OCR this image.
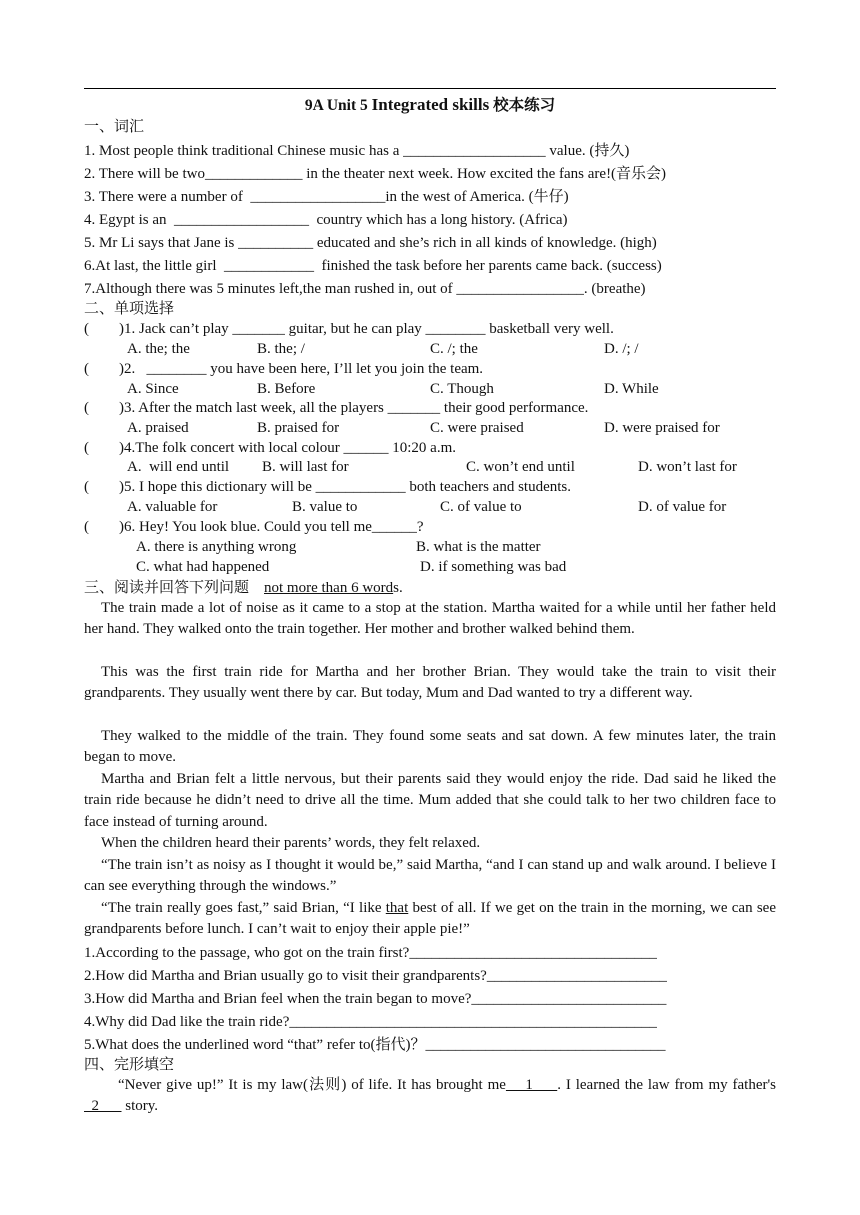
9A Unit 5 Integrated skills 校本练习
一、词汇
1. Most people think traditional Chinese music has a ___________________ value. (持久)
2. There will be two_____________ in the theater next week. How excited the fans are!(音乐会)
3. There were a number of  __________________in the west of America. (牛仔)
4. Egypt is an  __________________  country which has a long history. (Africa)
5. Mr Li says that Jane is __________ educated and she’s rich in all kinds of knowledge. (high)
6.At last, the little girl  ____________  finished the task before her parents came back. (success)
7.Although there was 5 minutes left,the man rushed in, out of _________________. (breathe)
二、单项选择
(        )1. Jack can’t play _______ guitar, but he can play ________ basketball very well.
A. the; the	B. the; /	C. /; the	D. /; /
(        )2.   ________ you have been here, I’ll let you join the team.
A. Since	B. Before	C. Though	D. While
(        )3. After the match last week, all the players _______ their good performance.
A. praised	B. praised for	C. were praised	D. were praised for
(        )4.The folk concert with local colour ______ 10:20 a.m.
A.  will end until B. will last for	C. won’t end until	D. won’t last for
(        )5. I hope this dictionary will be ____________ both teachers and students.
A. valuable for	B. value to	C. of value to	D. of value for
(        )6. Hey! You look blue. Could you tell me______?
A. there is anything wrong	B. what is the matter
C. what had happened	D. if something was bad
三、阅读并回答下列问题 not more than 6 words.
The train made a lot of noise as it came to a stop at the station. Martha waited for a while until her father held her hand. They walked onto the train together. Her mother and brother walked behind them.
This was the first train ride for Martha and her brother Brian. They would take the train to visit their grandparents. They usually went there by car. But today, Mum and Dad wanted to try a different way.
They walked to the middle of the train. They found some seats and sat down. A few minutes later, the train began to move.
Martha and Brian felt a little nervous, but their parents said they would enjoy the ride. Dad said he liked the train ride because he didn’t need to drive all the time. Mum added that she could talk to her two children face to face instead of turning around.
When the children heard their parents’ words, they felt relaxed.
“The train isn’t as noisy as I thought it would be,” said Martha, “and I can stand up and walk around. I believe I can see everything through the windows.”
“The train really goes fast,” said Brian, “I like that best of all. If we get on the train in the morning, we can see grandparents before lunch. I can’t wait to enjoy their apple pie!”
1.According to the passage, who got on the train first?_________________________________
2.How did Martha and Brian usually go to visit their grandparents?________________________
3.How did Martha and Brian feel when the train began to move?__________________________
4.Why did Dad like the train ride?_________________________________________________
5.What does the underlined word “that” refer to(指代)？________________________________
四、完形填空
“Never give up!” It is my law(法则) of life. It has brought me    1     . I learned the law from my father's   2       story.
